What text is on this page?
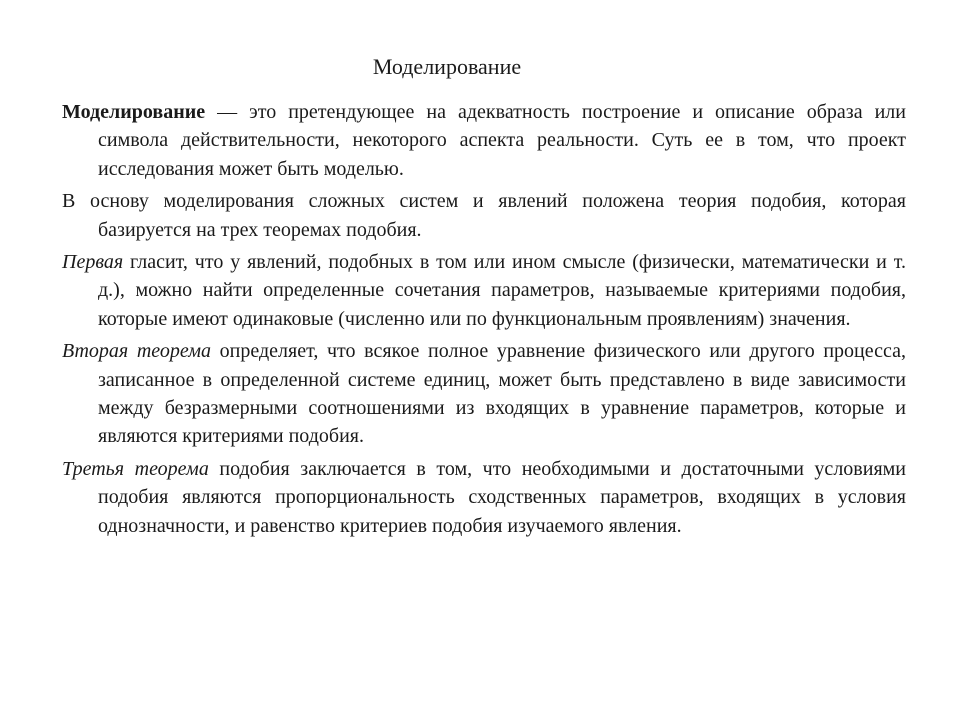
Моделирование

Моделирование — это претендующее на адекватность построение и описание образа или символа действительности, некоторого аспекта реальности. Суть ее в том, что проект исследования может быть моделью.

В основу моделирования сложных систем и явлений положена теория подобия, которая базируется на трех теоремах подобия.

Первая гласит, что у явлений, подобных в том или ином смысле (физически, математически и т. д.), можно найти определенные сочетания параметров, называемые критериями подобия, которые имеют одинаковые (численно или по функциональным проявлениям) значения.

Вторая теорема определяет, что всякое полное уравнение физического или другого процесса, записанное в определенной системе единиц, может быть представлено в виде зависимости между безразмерными соотношениями из входящих в уравнение параметров, которые и являются критериями подобия.

Третья теорема подобия заключается в том, что необходимыми и достаточными условиями подобия являются пропорциональность сходственных параметров, входящих в условия однозначности, и равенство критериев подобия изучаемого явления.
